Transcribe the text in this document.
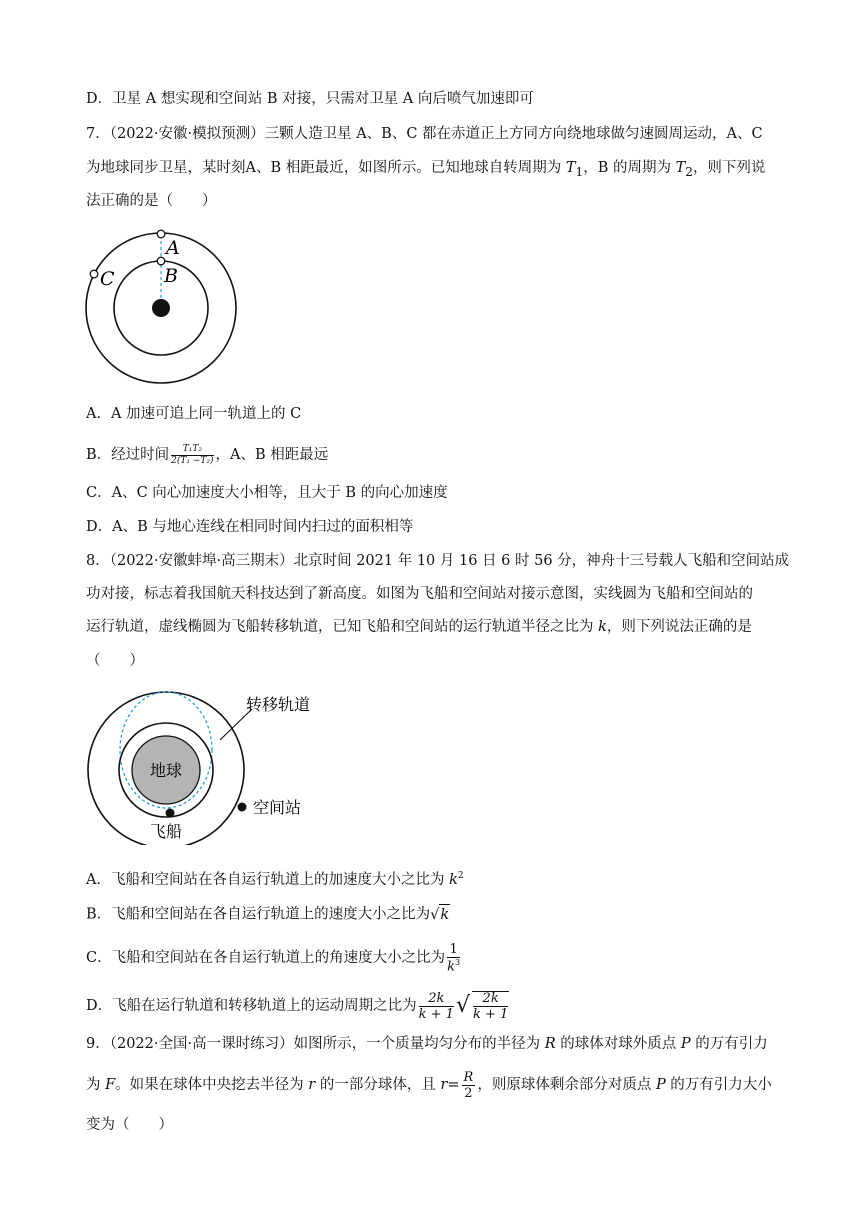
D．卫星 A 想实现和空间站 B 对接，只需对卫星 A 向后喷气加速即可
7．（2022·安徽·模拟预测）三颗人造卫星 A、B、C 都在赤道正上方同方向绕地球做匀速圆周运动，A、C
为地球同步卫星，某时刻A、B 相距最近，如图所示。已知地球自转周期为 $T_1$，B 的周期为 $T_2$，则下列说
法正确的是（　　）
A
B
C
A．A 加速可追上同一轨道上的 C
B．经过时间 $\frac{\text{T₁T₂}}{\text{2(T₁ −T₂)}}$ ，A、B 相距最远
C．A、C 向心加速度大小相等，且大于 B 的向心加速度
D．A、B 与地心连线在相同时间内扫过的面积相等
8．（2022·安徽蚌埠·高三期末）北京时间 2021 年 10 月 16 日 6 时 56 分，神舟十三号载人飞船和空间站成
功对接，标志着我国航天科技达到了新高度。如图为飞船和空间站对接示意图，实线圆为飞船和空间站的
运行轨道，虚线椭圆为飞船转移轨道，已知飞船和空间站的运行轨道半径之比为 k，则下列说法正确的是
（　　）
地球
转移轨道
飞船
空间站
A．飞船和空间站在各自运行轨道上的加速度大小之比为 $k^2$
B．飞船和空间站在各自运行轨道上的速度大小之比为√k
C．飞船和空间站在各自运行轨道上的角速度大小之比为 $\frac{1}{k^3}$
D．飞船在运行轨道和转移轨道上的运动周期之比为 $\frac{2k}{k + 1}$ √ $\frac{2k}{k + 1}$
9．（2022·全国·高一课时练习）如图所示，一个质量均匀分布的半径为 R 的球体对球外质点 P 的万有引力
为 F。如果在球体中央挖去半径为 r 的一部分球体，且 $r= \frac{R}{2}$ ，则原球体剩余部分对质点 P 的万有引力大小
变为（　　）
